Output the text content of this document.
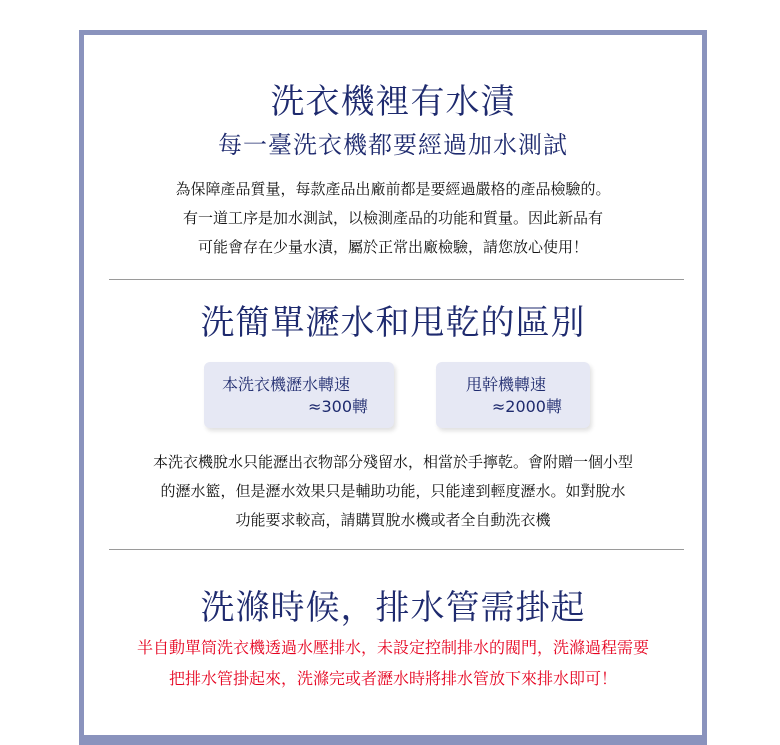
洗衣機裡有水漬
每一臺洗衣機都要經過加水測試
為保障產品質量，每款產品出廠前都是要經過嚴格的產品檢驗的。
有一道工序是加水測試，以檢測產品的功能和質量。因此新品有
可能會存在少量水漬，屬於正常出廠檢驗，請您放心使用！
洗簡單瀝水和甩乾的區別
本洗衣機瀝水轉速
≈300轉
甩幹機轉速
≈2000轉
本洗衣機脫水只能瀝出衣物部分殘留水，相當於手擰乾。會附贈一個小型
的瀝水籃，但是瀝水效果只是輔助功能，只能達到輕度瀝水。如對脫水
功能要求較高，請購買脫水機或者全自動洗衣機
洗滌時候，排水管需掛起
半自動單筒洗衣機透過水壓排水，未設定控制排水的閥門，洗滌過程需要
把排水管掛起來，洗滌完或者瀝水時將排水管放下來排水即可！
